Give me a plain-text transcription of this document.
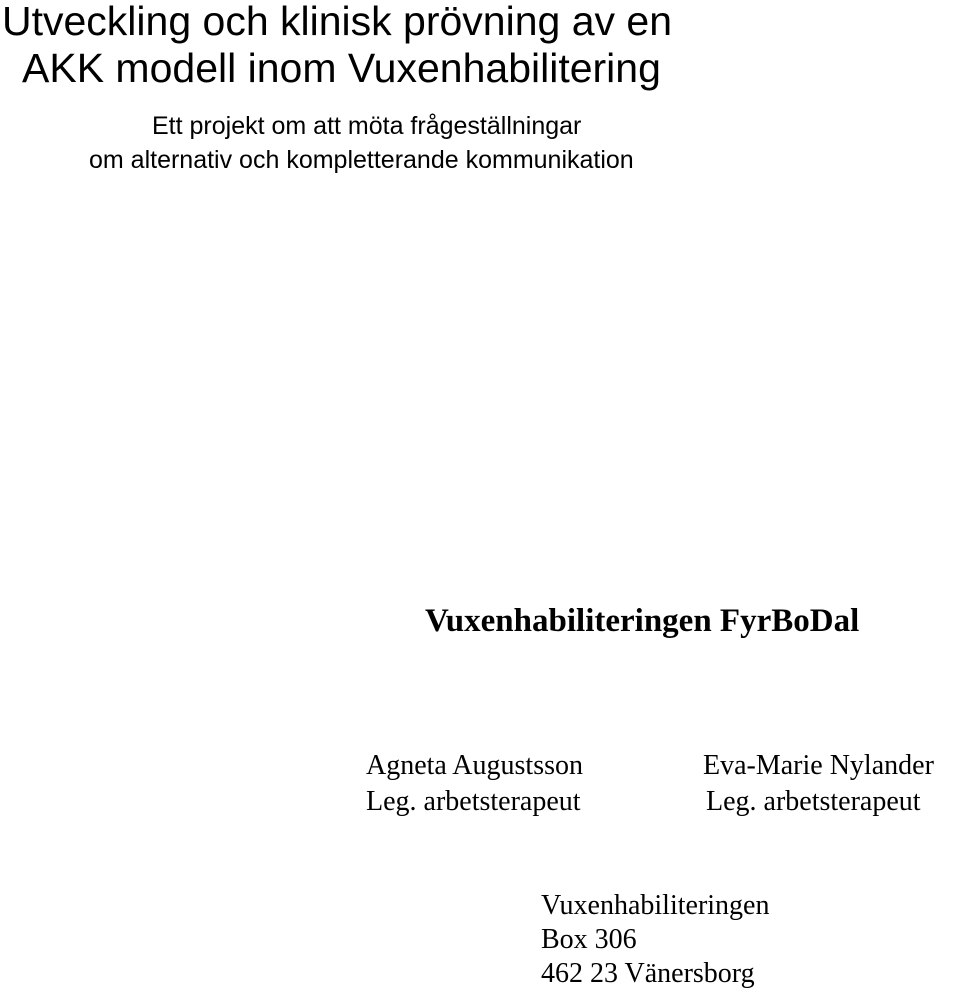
Utveckling och klinisk prövning av en
AKK modell inom Vuxenhabilitering
Ett projekt om att möta frågeställningar
om alternativ och kompletterande kommunikation
Vuxenhabiliteringen FyrBoDal
Agneta Augustsson
Leg. arbetsterapeut
Eva-Marie Nylander
Leg. arbetsterapeut
Vuxenhabiliteringen
Box 306
462 23 Vänersborg
